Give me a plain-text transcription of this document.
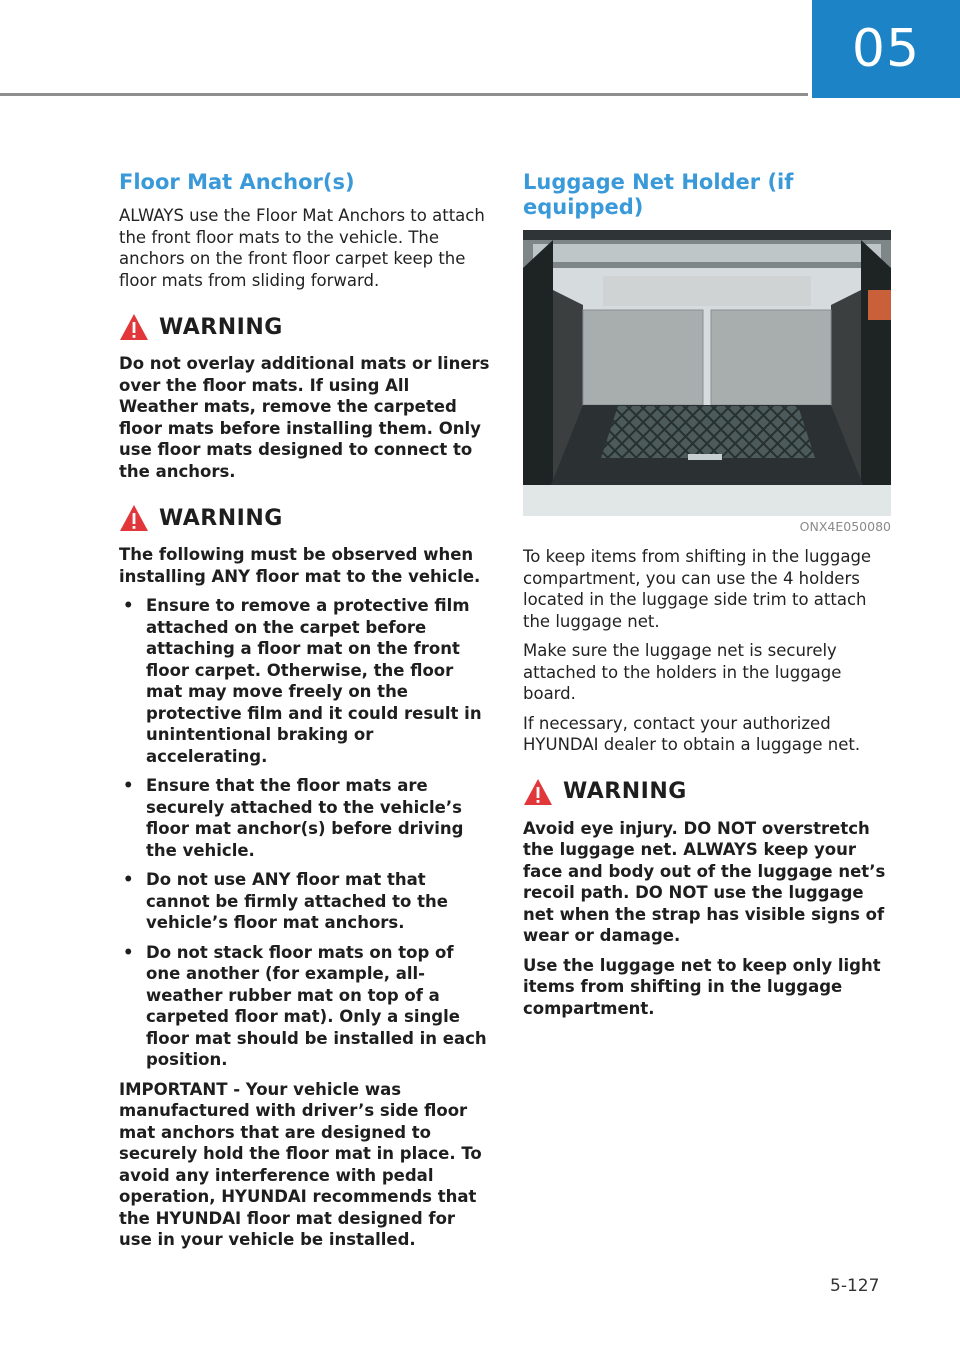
05
Floor Mat Anchor(s)

ALWAYS use the Floor Mat Anchors to attach the front floor mats to the vehicle. The anchors on the front floor carpet keep the floor mats from sliding forward.

WARNING

Do not overlay additional mats or liners over the floor mats. If using All Weather mats, remove the carpeted floor mats before installing them. Only use floor mats designed to connect to the anchors.

WARNING

The following must be observed when installing ANY floor mat to the vehicle.

• Ensure to remove a protective film attached on the carpet before attaching a floor mat on the front floor carpet. Otherwise, the floor mat may move freely on the protective film and it could result in unintentional braking or accelerating.
• Ensure that the floor mats are securely attached to the vehicle’s floor mat anchor(s) before driving the vehicle.
• Do not use ANY floor mat that cannot be firmly attached to the vehicle’s floor mat anchors.
• Do not stack floor mats on top of one another (for example, all-weather rubber mat on top of a carpeted floor mat). Only a single floor mat should be installed in each position.

IMPORTANT - Your vehicle was manufactured with driver’s side floor mat anchors that are designed to securely hold the floor mat in place. To avoid any interference with pedal operation, HYUNDAI recommends that the HYUNDAI floor mat designed for use in your vehicle be installed.

Luggage Net Holder (if equipped)
ONX4E050080

To keep items from shifting in the luggage compartment, you can use the 4 holders located in the luggage side trim to attach the luggage net.

Make sure the luggage net is securely attached to the holders in the luggage board.

If necessary, contact your authorized HYUNDAI dealer to obtain a luggage net.

WARNING

Avoid eye injury. DO NOT overstretch the luggage net. ALWAYS keep your face and body out of the luggage net’s recoil path. DO NOT use the luggage net when the strap has visible signs of wear or damage.

Use the luggage net to keep only light items from shifting in the luggage compartment.

5-127
